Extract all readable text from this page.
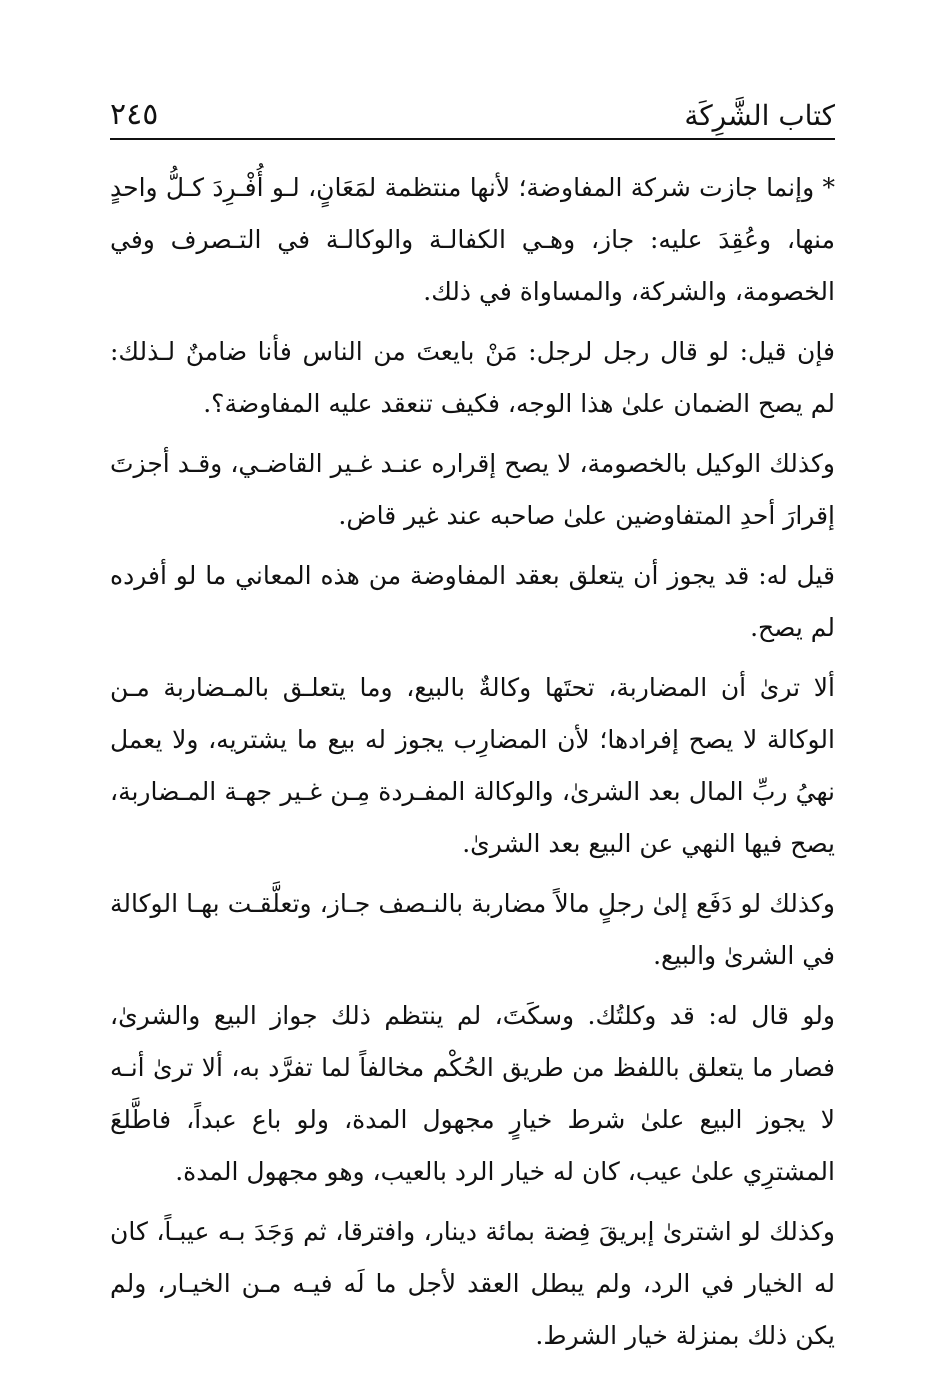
كتاب الشَّرِكَة
٢٤٥

* وإنما جازت شركة المفاوضة؛ لأنها منتظمة لمَعَانٍ، لـو أُفْـرِدَ كـلُّ واحدٍ منها، وعُقِدَ عليه: جاز، وهـي الكفالـة والوكالـة في التـصرف وفي الخصومة، والشركة، والمساواة في ذلك.

فإن قيل: لو قال رجل لرجل: مَنْ بايعتَ من الناس فأنا ضامنٌ لـذلك: لم يصح الضمان علىٰ هذا الوجه، فكيف تنعقد عليه المفاوضة؟.

وكذلك الوكيل بالخصومة، لا يصح إقراره عنـد غـير القاضـي، وقـد أجزتَ إقرارَ أحدِ المتفاوضين علىٰ صاحبه عند غير قاض.

قيل له: قد يجوز أن يتعلق بعقد المفاوضة من هذه المعاني ما لو أفرده لم يصح.

ألا ترىٰ أن المضاربة، تحتَها وكالةٌ بالبيع، وما يتعلـق بالمـضاربة مـن الوكالة لا يصح إفرادها؛ لأن المضارِب يجوز له بيع ما يشتريه، ولا يعمل نهيُ ربِّ المال بعد الشرىٰ، والوكالة المفـردة مِـن غـير جهـة المـضاربة، يصح فيها النهي عن البيع بعد الشرىٰ.

وكذلك لو دَفَع إلىٰ رجلٍ مالاً مضاربة بالنـصف جـاز، وتعلَّقـت بهـا الوكالة في الشرىٰ والبيع.

ولو قال له: قد وكلتُك. وسكَتَ، لم ينتظم ذلك جواز البيع والشرىٰ، فصار ما يتعلق باللفظ من طريق الحُكْم مخالفاً لما تفرَّد به، ألا ترىٰ أنـه لا يجوز البيع علىٰ شرط خيارٍ مجهول المدة، ولو باع عبداً، فاطَّلعَ المشترِي علىٰ عيب، كان له خيار الرد بالعيب، وهو مجهول المدة.

وكذلك لو اشترىٰ إبريقَ فِضة بمائة دينار، وافترقا، ثم وَجَدَ بـه عيبـاً، كان له الخيار في الرد، ولم يبطل العقد لأجل ما لَه فيـه مـن الخيـار، ولم يكن ذلك بمنزلة خيار الشرط.
